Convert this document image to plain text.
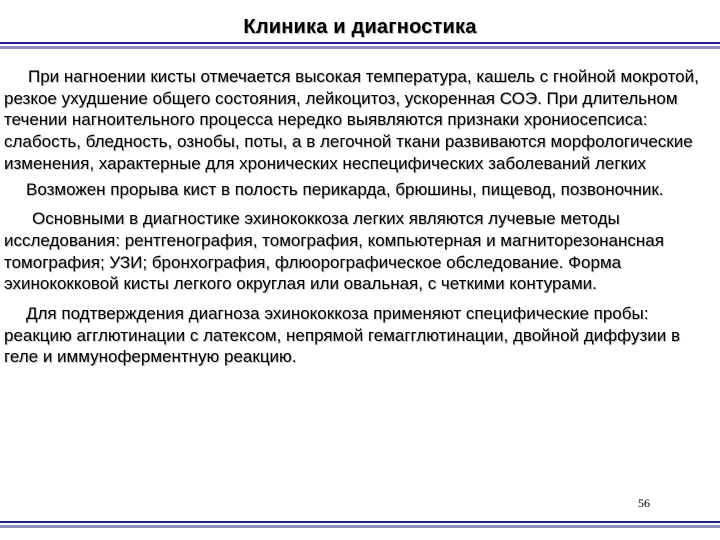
Клиника и диагностика

При нагноении кисты отмечается высокая температура, кашель с гнойной мокротой, резкое ухудшение общего состояния, лейкоцитоз, ускоренная СОЭ. При длительном течении нагноительного процесса нередко выявляются признаки хрониосепсиса: слабость, бледность, ознобы, поты, а в легочной ткани развиваются морфологические изменения, характерные для хронических неспецифических заболеваний легких

Возможен прорыва кист в полость перикарда, брюшины, пищевод, позвоночник.

Основными в диагностике эхинококкоза легких являются лучевые методы исследования: рентгенография, томография, компьютерная и магниторезонансная томография; УЗИ; бронхография, флюорографическое обследование. Форма эхинококковой кисты легкого округлая или овальная, с четкими контурами.

Для подтверждения диагноза эхинококкоза применяют специфические пробы: реакцию агглютинации с латексом, непрямой гемагглютинации, двойной диффузии в геле и иммуноферментную реакцию.

56
